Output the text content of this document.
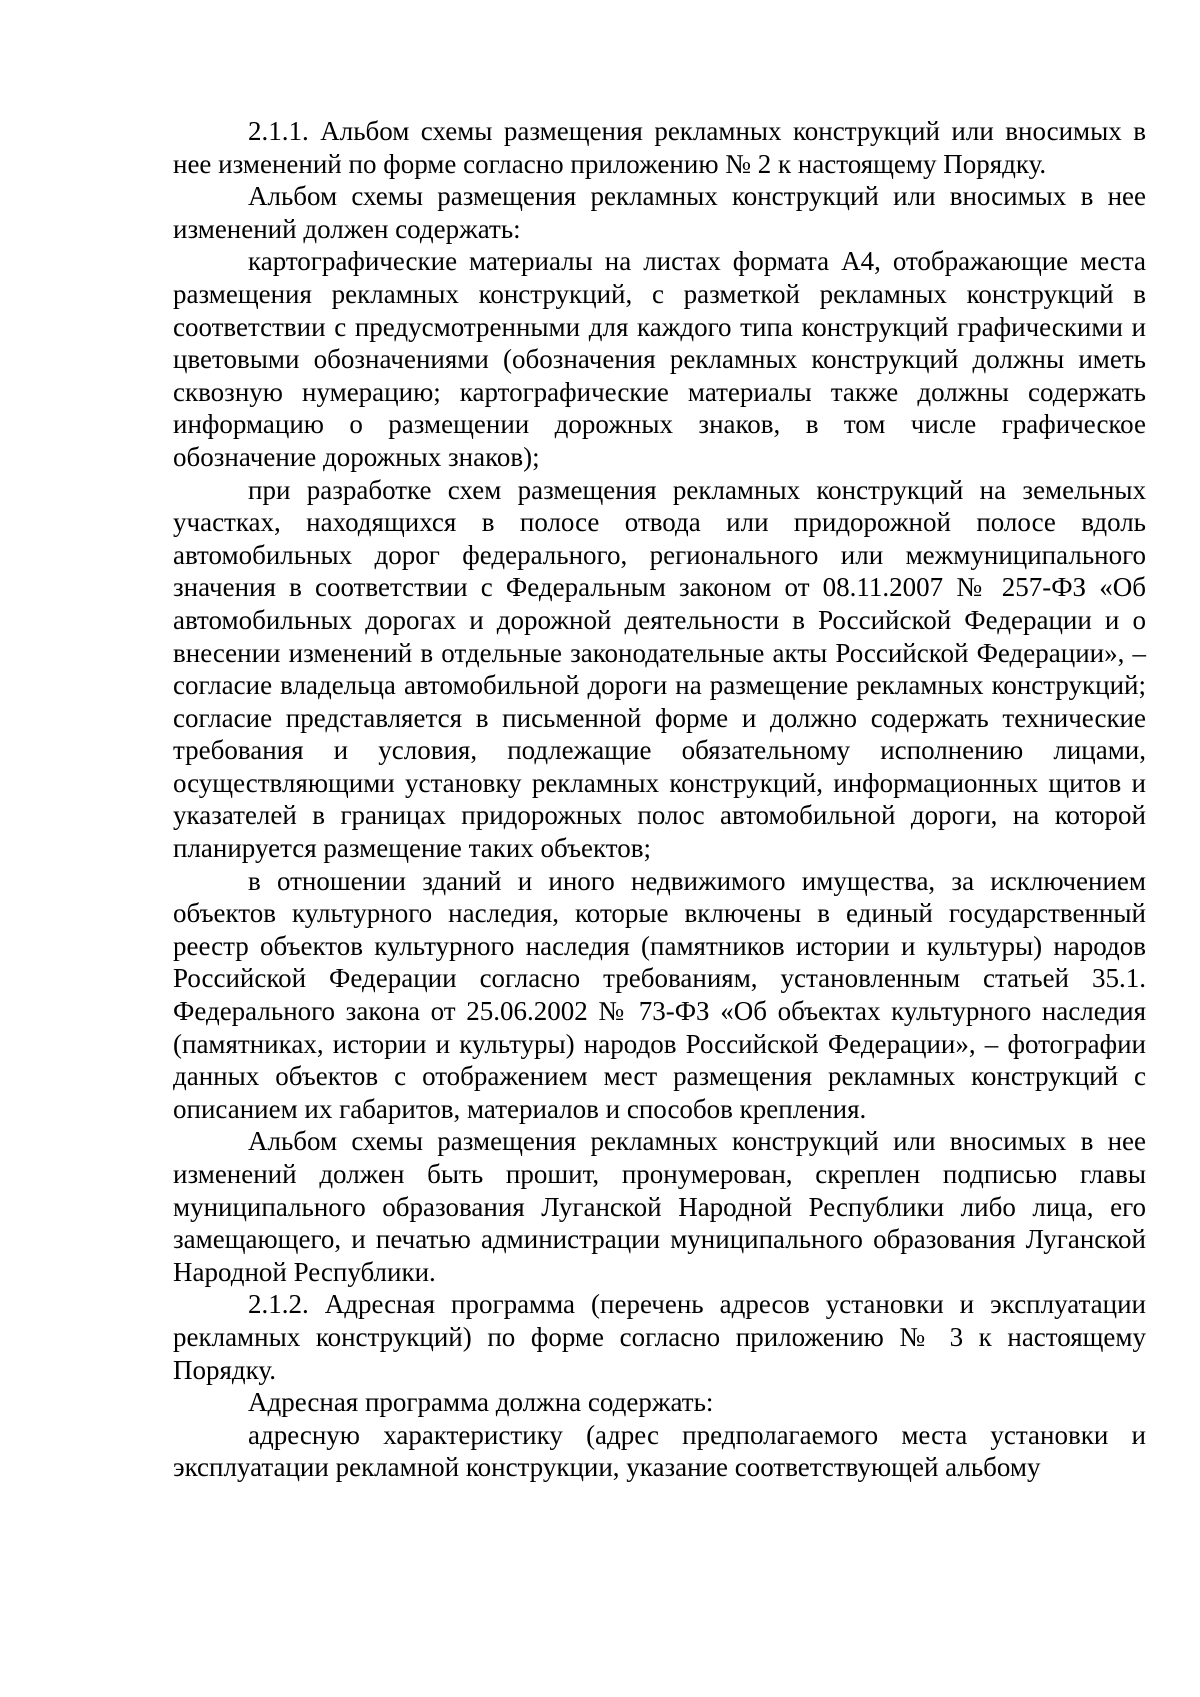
2.1.1. Альбом схемы размещения рекламных конструкций или вносимых в нее изменений по форме согласно приложению № 2 к настоящему Порядку.

Альбом схемы размещения рекламных конструкций или вносимых в нее изменений должен содержать:

картографические материалы на листах формата А4, отображающие места размещения рекламных конструкций, с разметкой рекламных конструкций в соответствии с предусмотренными для каждого типа конструкций графическими и цветовыми обозначениями (обозначения рекламных конструкций должны иметь сквозную нумерацию; картографические материалы также должны содержать информацию о размещении дорожных знаков, в том числе графическое обозначение дорожных знаков);

при разработке схем размещения рекламных конструкций на земельных участках, находящихся в полосе отвода или придорожной полосе вдоль автомобильных дорог федерального, регионального или межмуниципального значения в соответствии с Федеральным законом от 08.11.2007 № 257-ФЗ «Об автомобильных дорогах и дорожной деятельности в Российской Федерации и о внесении изменений в отдельные законодательные акты Российской Федерации», – согласие владельца автомобильной дороги на размещение рекламных конструкций; согласие представляется в письменной форме и должно содержать технические требования и условия, подлежащие обязательному исполнению лицами, осуществляющими установку рекламных конструкций, информационных щитов и указателей в границах придорожных полос автомобильной дороги, на которой планируется размещение таких объектов;

в отношении зданий и иного недвижимого имущества, за исключением объектов культурного наследия, которые включены в единый государственный реестр объектов культурного наследия (памятников истории и культуры) народов Российской Федерации согласно требованиям, установленным статьей 35.1. Федерального закона от 25.06.2002 № 73-ФЗ «Об объектах культурного наследия (памятниках, истории и культуры) народов Российской Федерации», – фотографии данных объектов с отображением мест размещения рекламных конструкций с описанием их габаритов, материалов и способов крепления.

Альбом схемы размещения рекламных конструкций или вносимых в нее изменений должен быть прошит, пронумерован, скреплен подписью главы муниципального образования Луганской Народной Республики либо лица, его замещающего, и печатью администрации муниципального образования Луганской Народной Республики.

2.1.2. Адресная программа (перечень адресов установки и эксплуатации рекламных конструкций) по форме согласно приложению № 3 к настоящему Порядку.

Адресная программа должна содержать:

адресную характеристику (адрес предполагаемого места установки и эксплуатации рекламной конструкции, указание соответствующей альбому
